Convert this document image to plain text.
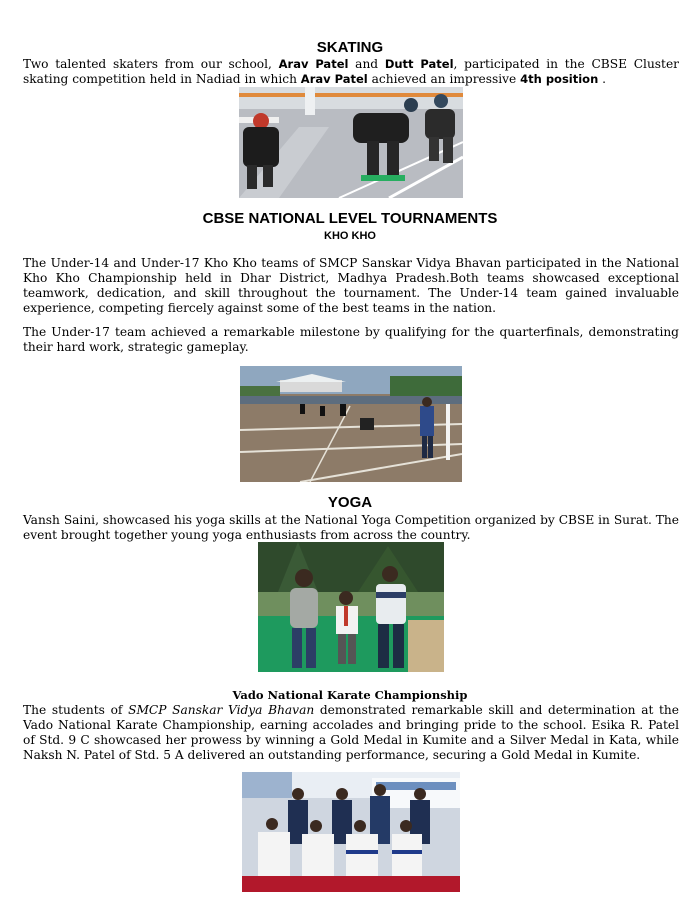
SKATING
Two talented skaters from our school, Arav Patel and Dutt Patel, participated in the CBSE Cluster skating competition held in Nadiad in which Arav Patel achieved an impressive 4th position .
CBSE NATIONAL LEVEL TOURNAMENTS
KHO KHO
The Under-14 and Under-17 Kho Kho teams of SMCP Sanskar Vidya Bhavan participated in the National Kho Kho Championship held in Dhar District, Madhya Pradesh.Both teams showcased exceptional teamwork, dedication, and skill throughout the tournament. The Under-14 team gained invaluable experience, competing fiercely against some of the best teams in the nation.
The Under-17 team achieved a remarkable milestone by qualifying for the quarterfinals, demonstrating their hard work, strategic gameplay.
YOGA
Vansh Saini, showcased his yoga skills at the National Yoga Competition organized by CBSE in Surat. The event brought together young yoga enthusiasts from across the country.
Vado National Karate Championship
The students of SMCP Sanskar Vidya Bhavan demonstrated remarkable skill and determination at the Vado National Karate Championship, earning accolades and bringing pride to the school. Esika R. Patel of Std. 9 C showcased her prowess by winning a Gold Medal in Kumite and a Silver Medal in Kata, while Naksh N. Patel of Std. 5 A delivered an outstanding performance, securing a Gold Medal in Kumite.
